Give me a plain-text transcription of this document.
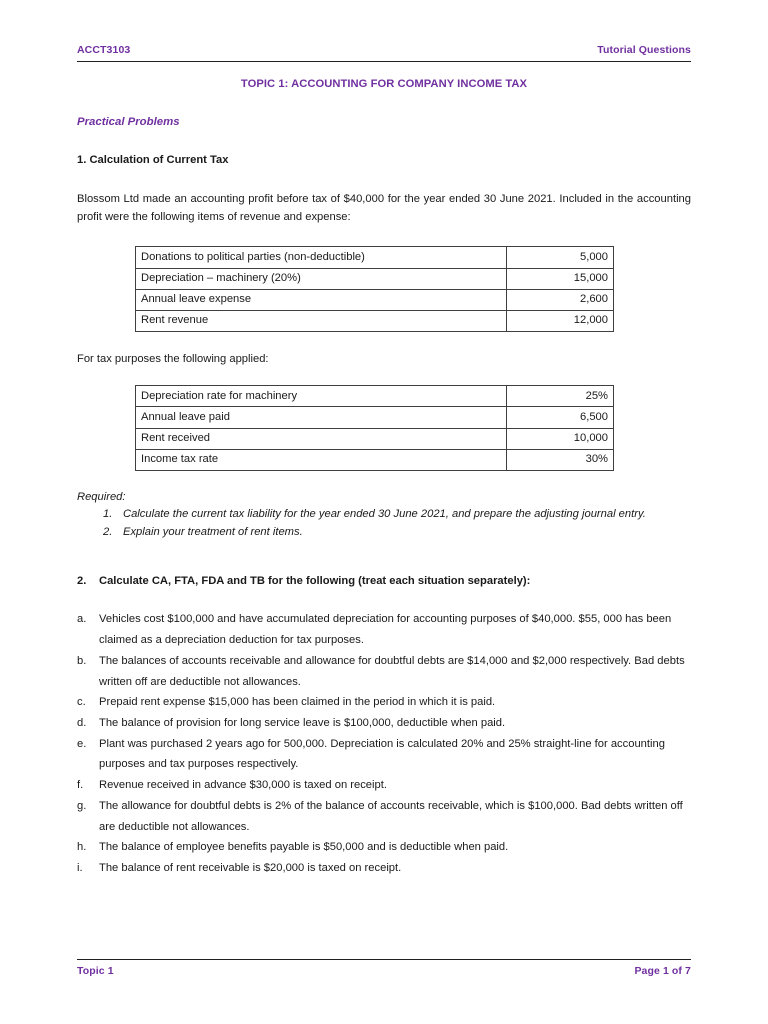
ACCT3103	Tutorial Questions
TOPIC 1: ACCOUNTING FOR COMPANY INCOME TAX
Practical Problems
1. Calculation of Current Tax

Blossom Ltd made an accounting profit before tax of $40,000 for the year ended 30 June 2021. Included in the accounting profit were the following items of revenue and expense:

Donations to political parties (non-deductible)	5,000
Depreciation – machinery (20%)	15,000
Annual leave expense	2,600
Rent revenue	12,000

For tax purposes the following applied:

Depreciation rate for machinery	25%
Annual leave paid	6,500
Rent received	10,000
Income tax rate	30%
Required:
1. Calculate the current tax liability for the year ended 30 June 2021, and prepare the adjusting journal entry.
2. Explain your treatment of rent items.
2. Calculate CA, FTA, FDA and TB for the following (treat each situation separately):
a.	Vehicles cost $100,000 and have accumulated depreciation for accounting purposes of $40,000. $55, 000 has been claimed as a depreciation deduction for tax purposes.
b.	The balances of accounts receivable and allowance for doubtful debts are $14,000 and $2,000 respectively. Bad debts written off are deductible not allowances.
c.	Prepaid rent expense $15,000 has been claimed in the period in which it is paid.
d.	The balance of provision for long service leave is $100,000, deductible when paid.
e.	Plant was purchased 2 years ago for 500,000. Depreciation is calculated 20% and 25% straight-line for accounting purposes and tax purposes respectively.
f.	Revenue received in advance $30,000 is taxed on receipt.
g.	The allowance for doubtful debts is 2% of the balance of accounts receivable, which is $100,000. Bad debts written off are deductible not allowances.
h.	The balance of employee benefits payable is $50,000 and is deductible when paid.
i.	The balance of rent receivable is $20,000 is taxed on receipt.
Topic 1	Page 1 of 7
